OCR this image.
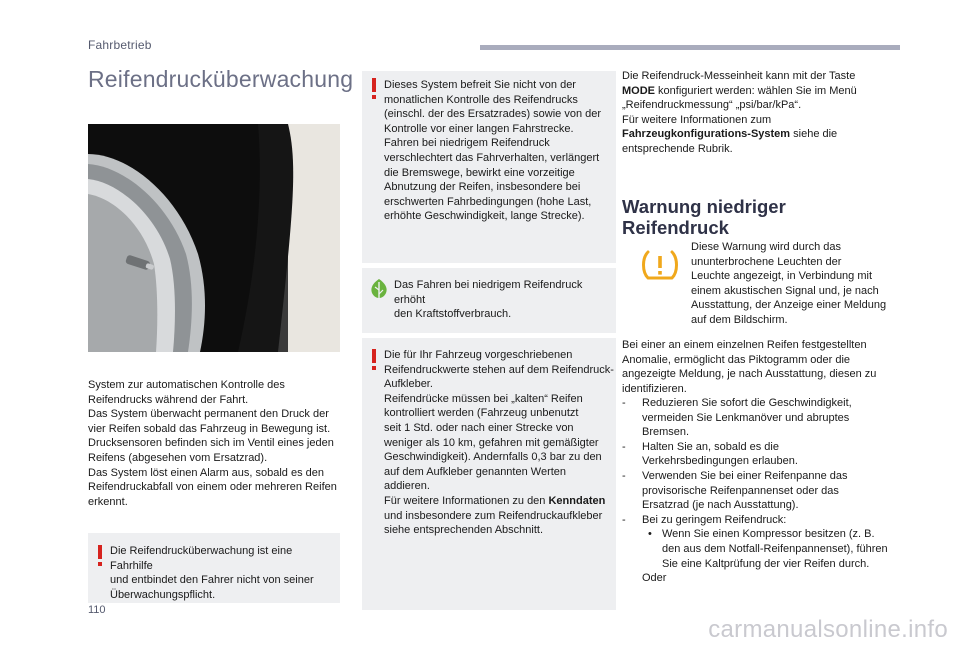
Fahrbetrieb
Reifendrucküberwachung
System zur automatischen Kontrolle des
Reifendrucks während der Fahrt.
Das System überwacht permanent den Druck der
vier Reifen sobald das Fahrzeug in Bewegung ist.
Drucksensoren befinden sich im Ventil eines jeden
Reifens (abgesehen vom Ersatzrad).
Das System löst einen Alarm aus, sobald es den
Reifendruckabfall von einem oder mehreren Reifen
erkennt.
Die Reifendrucküberwachung ist eine Fahrhilfe
und entbindet den Fahrer nicht von seiner
Überwachungspflicht.
Dieses System befreit Sie nicht von der
monatlichen Kontrolle des Reifendrucks
(einschl. der des Ersatzrades) sowie von der
Kontrolle vor einer langen Fahrstrecke.
Fahren bei niedrigem Reifendruck
verschlechtert das Fahrverhalten, verlängert
die Bremswege, bewirkt eine vorzeitige
Abnutzung der Reifen, insbesondere bei
erschwerten Fahrbedingungen (hohe Last,
erhöhte Geschwindigkeit, lange Strecke).
Das Fahren bei niedrigem Reifendruck erhöht
den Kraftstoffverbrauch.
Die für Ihr Fahrzeug vorgeschriebenen
Reifendruckwerte stehen auf dem Reifendruck-
Aufkleber.
Reifendrücke müssen bei „kalten“ Reifen
kontrolliert werden (Fahrzeug unbenutzt
seit 1 Std. oder nach einer Strecke von
weniger als 10 km, gefahren mit gemäßigter
Geschwindigkeit). Andernfalls 0,3 bar zu den
auf dem Aufkleber genannten Werten addieren.
Für weitere Informationen zu den Kenndaten
und insbesondere zum Reifendruckaufkleber
siehe entsprechenden Abschnitt.
Die Reifendruck-Messeinheit kann mit der Taste
MODE konfiguriert werden: wählen Sie im Menü
„Reifendruckmessung“ „psi/bar/kPa“.
Für weitere Informationen zum
Fahrzeugkonfigurations-System siehe die
entsprechende Rubrik.
Warnung niedriger
Reifendruck
Diese Warnung wird durch das
ununterbrochene Leuchten der
Leuchte angezeigt, in Verbindung mit
einem akustischen Signal und, je nach
Ausstattung, der Anzeige einer Meldung
auf dem Bildschirm.
Bei einer an einem einzelnen Reifen festgestellten
Anomalie, ermöglicht das Piktogramm oder die
angezeigte Meldung, je nach Ausstattung, diesen zu
identifizieren.
- Reduzieren Sie sofort die Geschwindigkeit,
vermeiden Sie Lenkmanöver und abruptes
Bremsen.
- Halten Sie an, sobald es die
Verkehrsbedingungen erlauben.
- Verwenden Sie bei einer Reifenpanne das
provisorische Reifenpannenset oder das
Ersatzrad (je nach Ausstattung).
- Bei zu geringem Reifendruck:
• Wenn Sie einen Kompressor besitzen (z. B.
den aus dem Notfall-Reifenpannenset), führen
Sie eine Kaltprüfung der vier Reifen durch.
Oder
110
carmanualsonline.info
